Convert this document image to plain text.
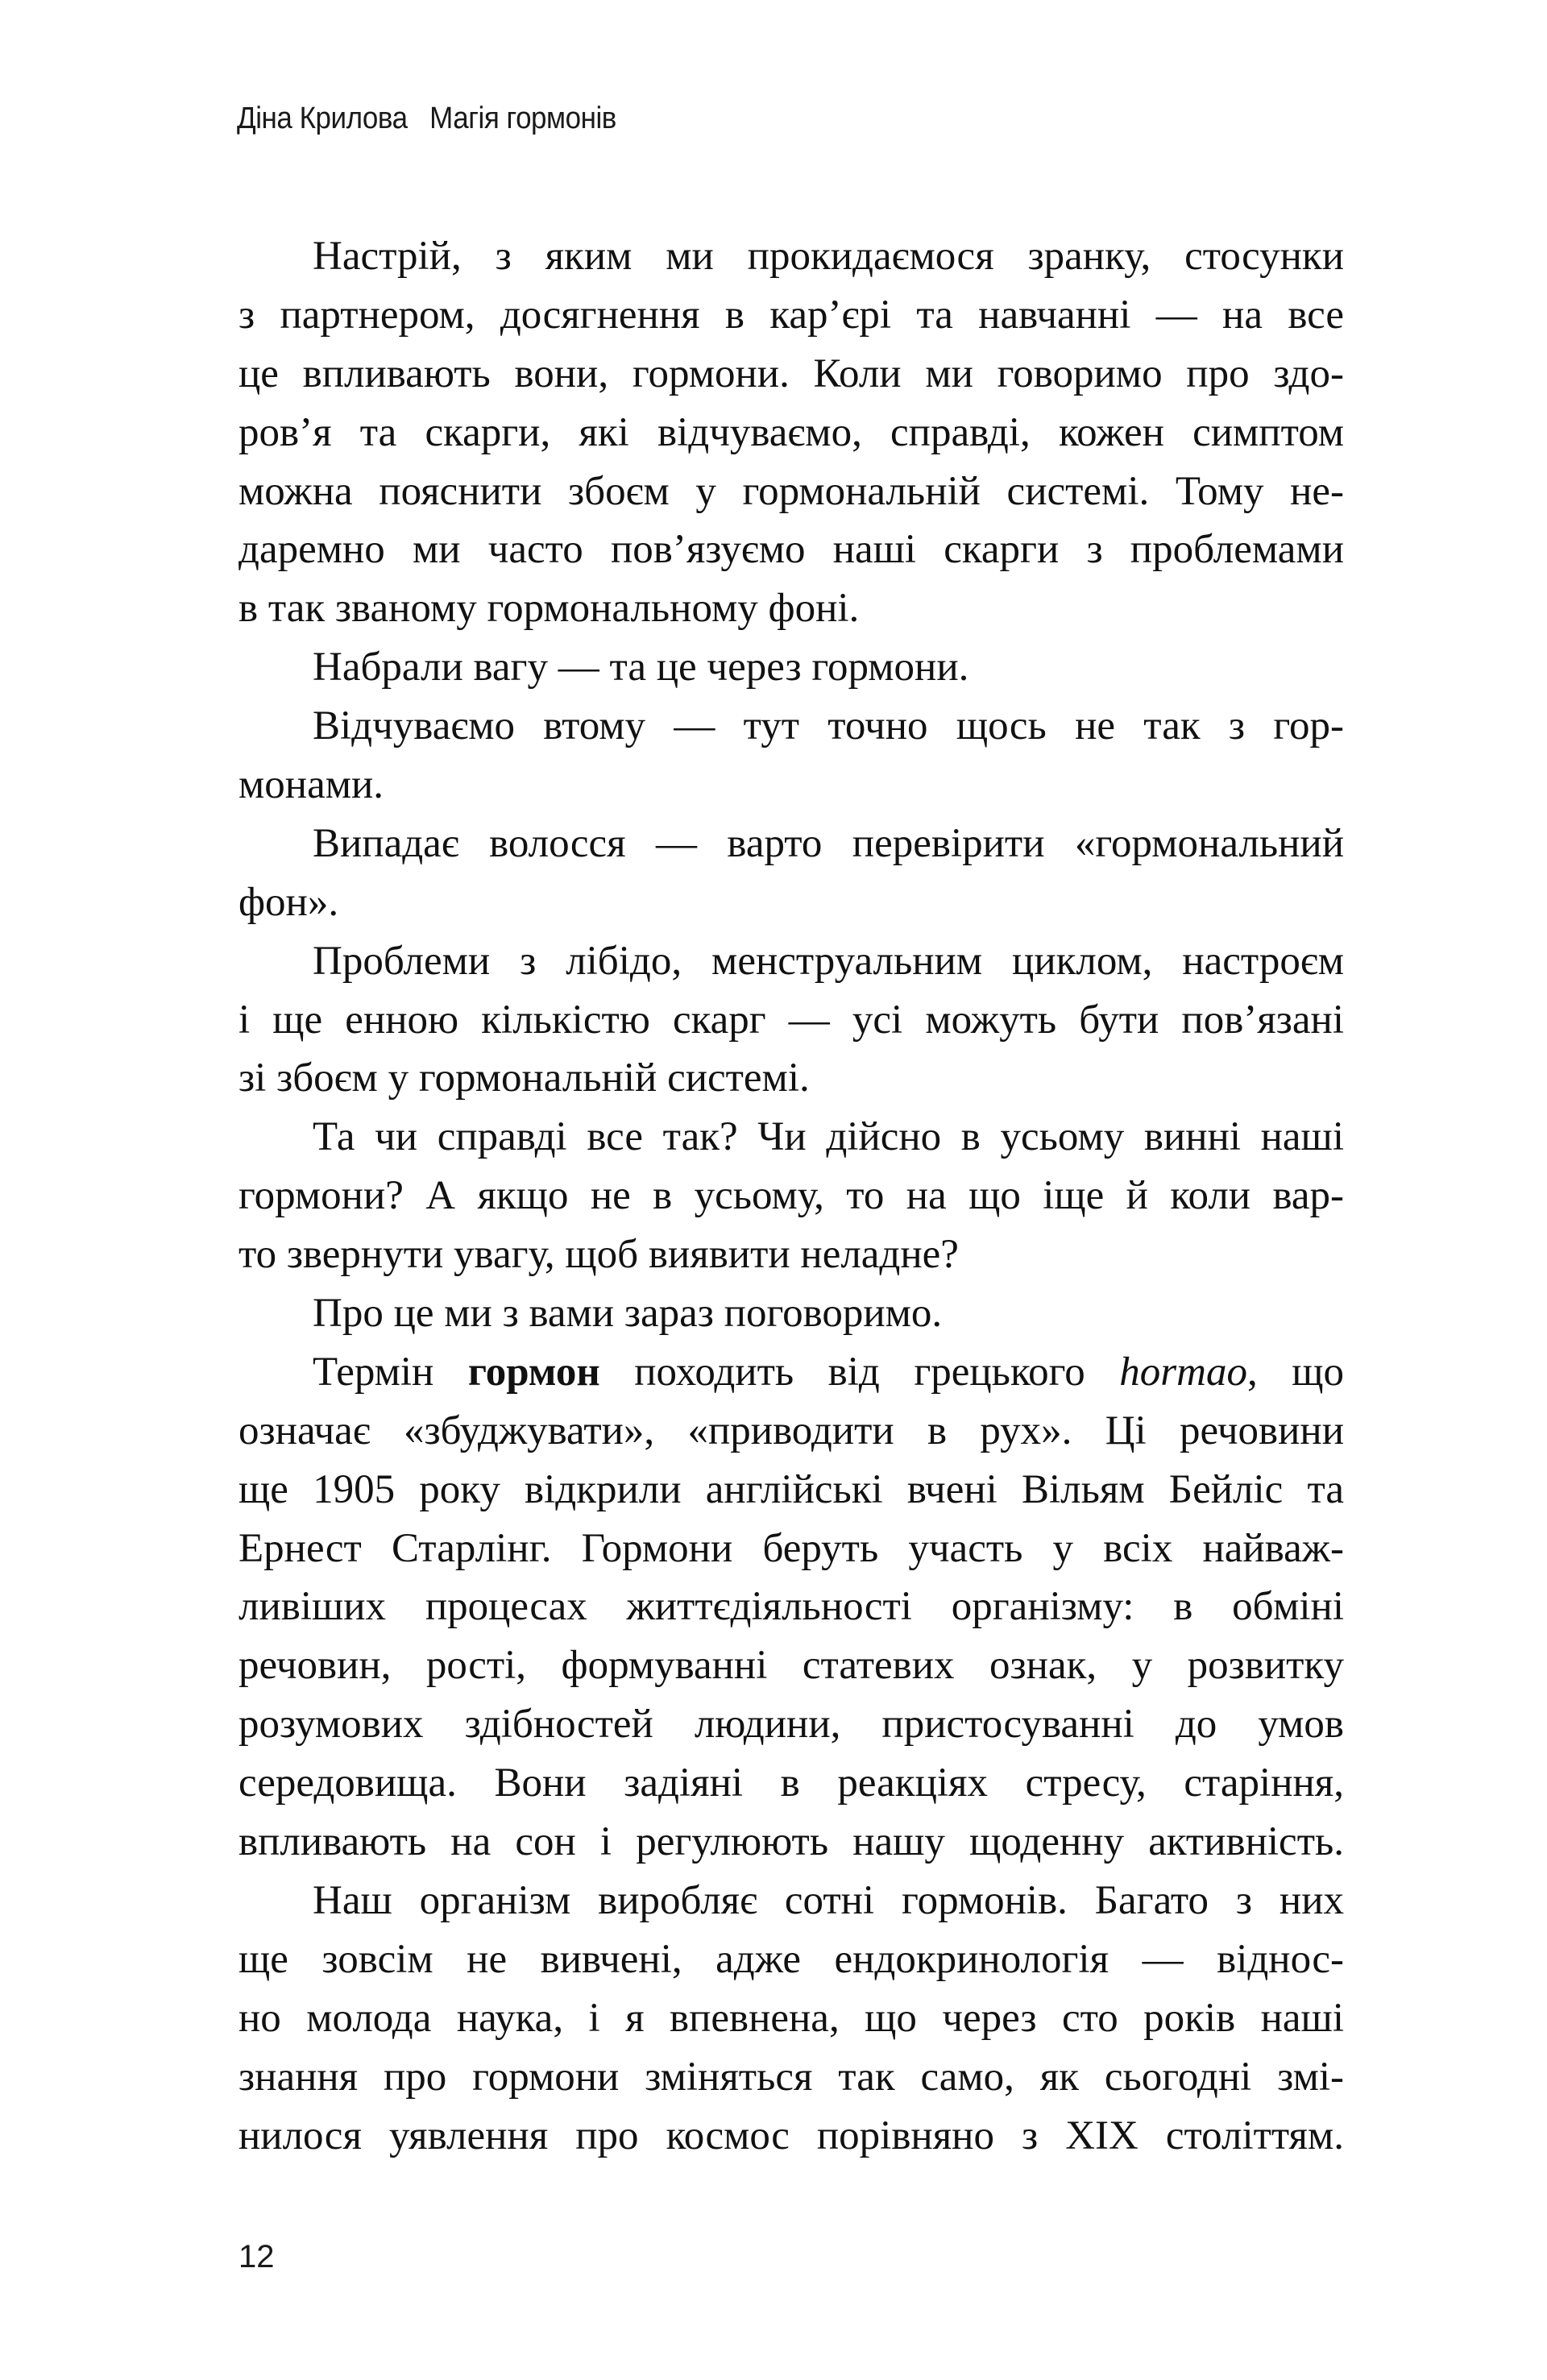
Діна Крилова Магія гормонів
Настрій, з яким ми прокидаємося зранку, стосунки
з партнером, досягнення в кар’єрі та навчанні — на все
це впливають вони, гормони. Коли ми говоримо про здо-
ров’я та скарги, які відчуваємо, справді, кожен симптом
можна пояснити збоєм у гормональній системі. Тому не-
даремно ми часто пов’язуємо наші скарги з проблемами
в так званому гормональному фоні.
Набрали вагу — та це через гормони.
Відчуваємо втому — тут точно щось не так з гор-
монами.
Випадає волосся — варто перевірити «гормональний
фон».
Проблеми з лібідо, менструальним циклом, настроєм
і ще енною кількістю скарг — усі можуть бути пов’язані
зі збоєм у гормональній системі.
Та чи справді все так? Чи дійсно в усьому винні наші
гормони? А якщо не в усьому, то на що іще й коли вар-
то звернути увагу, щоб виявити неладне?
Про це ми з вами зараз поговоримо.
Термін гормон походить від грецького hormao, що
означає «збуджувати», «приводити в рух». Ці речовини
ще 1905 року відкрили англійські вчені Вільям Бейліс та
Ернест Старлінг. Гормони беруть участь у всіх найваж-
ливіших процесах життєдіяльності організму: в обміні
речовин, рості, формуванні статевих ознак, у розвитку
розумових здібностей людини, пристосуванні до умов
середовища. Вони задіяні в реакціях стресу, старіння,
впливають на сон і регулюють нашу щоденну активність.
Наш організм виробляє сотні гормонів. Багато з них
ще зовсім не вивчені, адже ендокринологія — віднос-
но молода наука, і я впевнена, що через сто років наші
знання про гормони зміняться так само, як сьогодні змі-
нилося уявлення про космос порівняно з XIX століттям.
12
